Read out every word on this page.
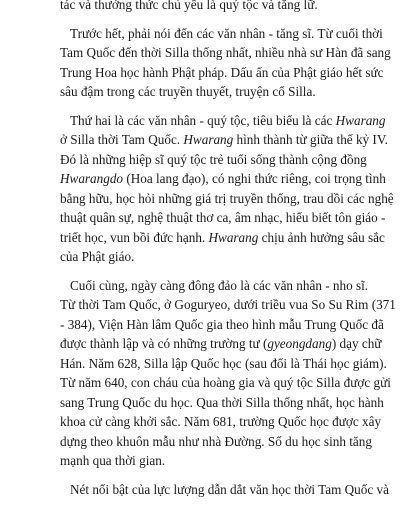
tác và thưởng thức chủ yếu là quý tộc và tăng lữ.

Trước hết, phải nói đến các văn nhân - tăng sĩ. Từ cuối thời
Tam Quốc đến thời Silla thống nhất, nhiều nhà sư Hàn đã sang
Trung Hoa học hành Phật pháp. Dấu ấn của Phật giáo hết sức
sâu đậm trong các truyền thuyết, truyện cổ Silla.

Thứ hai là các văn nhân - quý tộc, tiêu biểu là các Hwarang
ở Silla thời Tam Quốc. Hwarang hình thành từ giữa thế kỷ IV.
Đó là những hiệp sĩ quý tộc trẻ tuổi sống thành cộng đồng
Hwarangdo (Hoa lang đạo), có nghi thức riêng, coi trọng tình
bằng hữu, học hỏi những giá trị truyền thống, trau dồi các nghệ
thuật quân sự, nghệ thuật thơ ca, âm nhạc, hiểu biết tôn giáo -
triết học, vun bồi đức hạnh. Hwarang chịu ảnh hưởng sâu sắc
của Phật giáo.

Cuối cùng, ngày càng đông đảo là các văn nhân - nho sĩ.
Từ thời Tam Quốc, ở Goguryeo, dưới triều vua So Su Rim (371
- 384), Viện Hàn lâm Quốc gia theo hình mẫu Trung Quốc đã
được thành lập và có những trường tư (gyeongdang) dạy chữ
Hán. Năm 628, Silla lập Quốc học (sau đổi là Thái học giám).
Từ năm 640, con cháu của hoàng gia và quý tộc Silla được gửi
sang Trung Quốc du học. Qua thời Silla thống nhất, học hành
khoa cử càng khởi sắc. Năm 681, trường Quốc học được xây
dựng theo khuôn mẫu như nhà Đường. Số du học sinh tăng
mạnh qua thời gian.

Nét nổi bật của lực lượng dẫn dắt văn học thời Tam Quốc và
